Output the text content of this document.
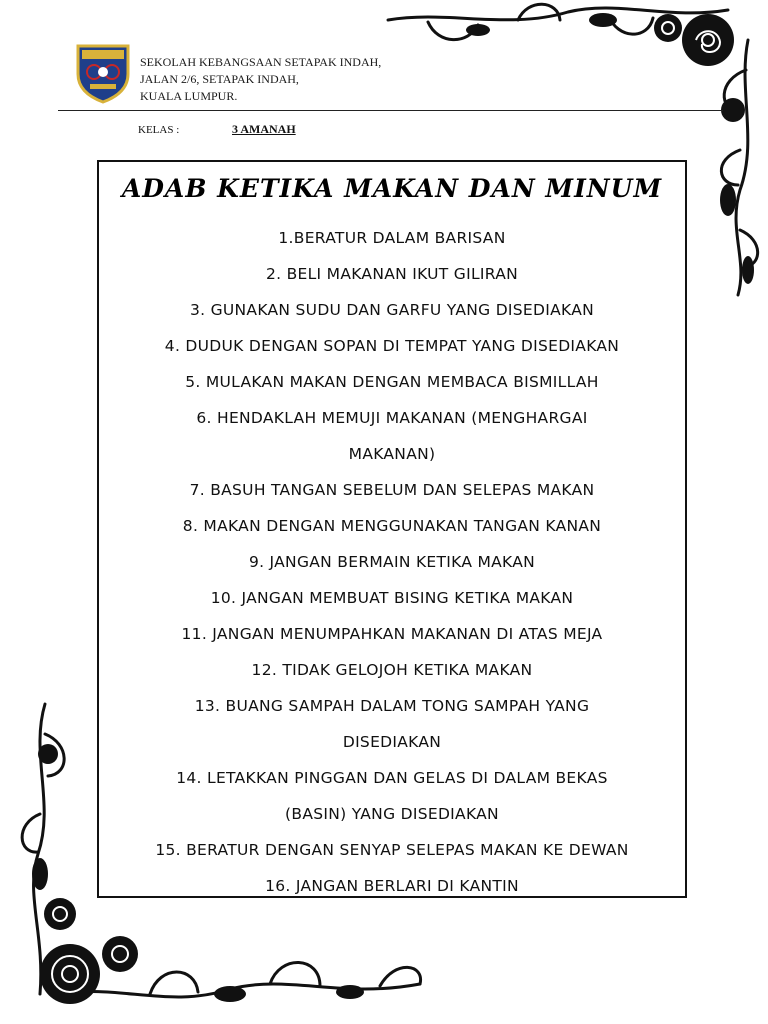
SEKOLAH KEBANGSAAN SETAPAK INDAH,
JALAN 2/6, SETAPAK INDAH,
KUALA LUMPUR.
KELAS :	3 AMANAH
ADAB KETIKA MAKAN DAN MINUM
1.BERATUR DALAM BARISAN
2. BELI MAKANAN IKUT GILIRAN
3. GUNAKAN SUDU DAN GARFU YANG DISEDIAKAN
4. DUDUK DENGAN SOPAN DI TEMPAT YANG DISEDIAKAN
5. MULAKAN MAKAN DENGAN MEMBACA BISMILLAH
6. HENDAKLAH MEMUJI MAKANAN (MENGHARGAI
MAKANAN)
7. BASUH TANGAN SEBELUM DAN SELEPAS MAKAN
8. MAKAN DENGAN MENGGUNAKAN TANGAN KANAN
9. JANGAN BERMAIN KETIKA MAKAN
10. JANGAN MEMBUAT BISING KETIKA MAKAN
11. JANGAN MENUMPAHKAN MAKANAN DI ATAS MEJA
12. TIDAK GELOJOH KETIKA MAKAN
13. BUANG SAMPAH DALAM TONG SAMPAH YANG
DISEDIAKAN
14. LETAKKAN PINGGAN DAN GELAS DI DALAM BEKAS
(BASIN) YANG DISEDIAKAN
15. BERATUR DENGAN SENYAP SELEPAS MAKAN KE DEWAN
16. JANGAN BERLARI DI KANTIN
